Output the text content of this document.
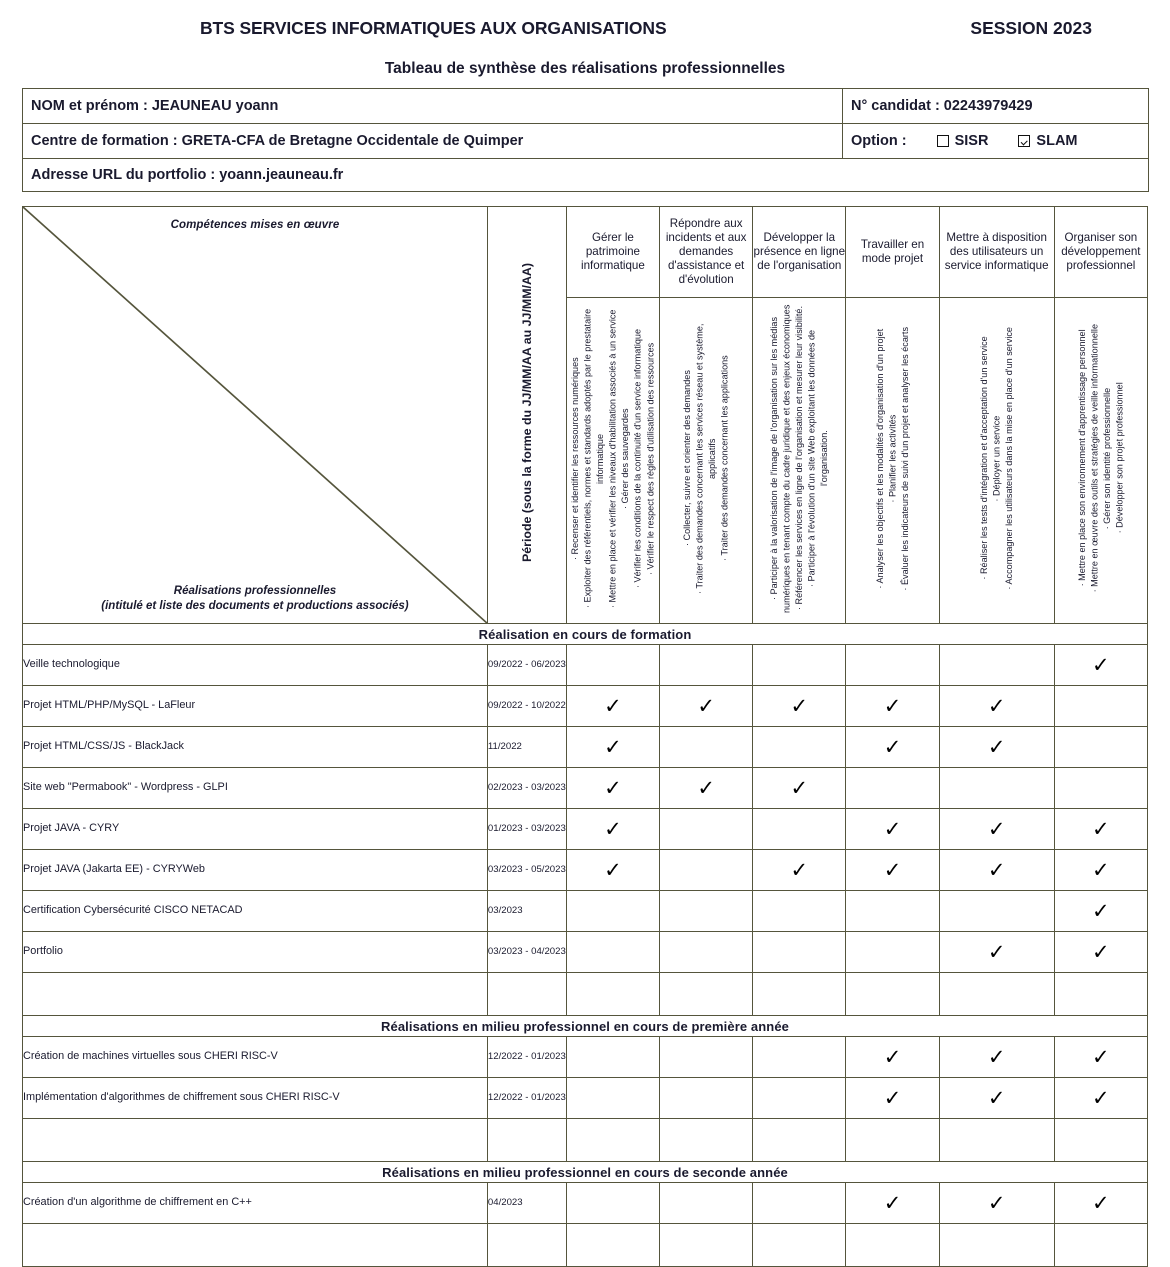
BTS SERVICES INFORMATIQUES AUX ORGANISATIONS	SESSION 2023
Tableau de synthèse des réalisations professionnelles
NOM et prénom : JEAUNEAU yoann	N° candidat : 02243979429
Centre de formation : GRETA-CFA de Bretagne Occidentale de Quimper	Option : SISR SLAM

Adresse URL du portfolio : yoann.jeauneau.fr	
Compétences mises en œuvre
Réalisations professionnelles
(intitulé et liste des documents et productions associés)	Période (sous la forme du JJ/MM/AA au JJ/MM/AA)	Gérer le patrimoine informatique	Répondre aux incidents et aux demandes d'assistance et d'évolution	Développer la présence en ligne de l'organisation	Travailler en mode projet	Mettre à disposition des utilisateurs un service informatique	Organiser son développement professionnel

· Recenser et identifier les ressources numériques · Exploiter des référentiels, normes et standards adoptés par le prestataire informatique · Mettre en place et vérifier les niveaux d'habilitation associés à un service · Gérer des sauvegardes · Vérifier les conditions de la continuité d'un service informatique · Vérifier le respect des règles d'utilisation des ressources	· Collecter, suivre et orienter des demandes · Traiter des demandes concernant les services réseau et système, applicatifs · Traiter des demandes concernant les applications	· Participer à la valorisation de l'image de l'organisation sur les médias numériques en tenant compte du cadre juridique et des enjeux économiques · Référencer les services en ligne de l'organisation et mesurer leur visibilité. · Participer à l'évolution d'un site Web exploitant les données de l'organisation.	· Analyser les objectifs et les modalités d'organisation d'un projet · Planifier les activités · Évaluer les indicateurs de suivi d'un projet et analyser les écarts	· Réaliser les tests d'intégration et d'acceptation d'un service · Déployer un service · Accompagner les utilisateurs dans la mise en place d'un service	· Mettre en place son environnement d'apprentissage personnel · Mettre en œuvre des outils et stratégies de veille informationnelle · Gérer son identité professionnelle · Développer son projet professionnel

Réalisation en cours de formation							
Veille technologique	09/2022 - 06/2023						✓
Projet HTML/PHP/MySQL - LaFleur	09/2022 - 10/2022	✓	✓	✓	✓	✓	
Projet HTML/CSS/JS - BlackJack	11/2022	✓			✓	✓	
Site web "Permabook" - Wordpress - GLPI	02/2023 - 03/2023	✓	✓	✓			
Projet JAVA - CYRY	01/2023 - 03/2023	✓			✓	✓	✓
Projet JAVA (Jakarta EE) - CYRYWeb	03/2023 - 05/2023	✓		✓	✓	✓	✓
Certification Cybersécurité CISCO NETACAD	03/2023						✓
Portfolio	03/2023 - 04/2023					✓	✓

Réalisations en milieu professionnel en cours de première année							
Création de machines virtuelles sous CHERI RISC-V	12/2022 - 01/2023				✓	✓	✓
Implémentation d'algorithmes de chiffrement sous CHERI RISC-V	12/2022 - 01/2023				✓	✓	✓

Réalisations en milieu professionnel en cours de seconde année							
Création d'un algorithme de chiffrement en C++	04/2023				✓	✓	✓
